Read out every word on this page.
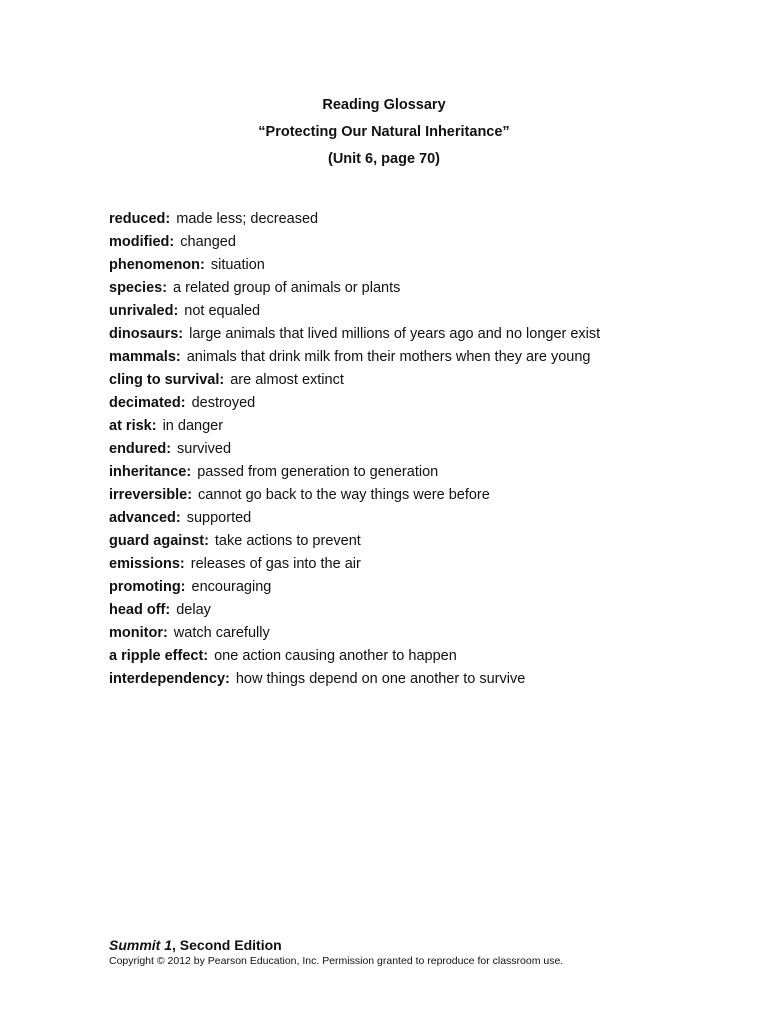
Reading Glossary
“Protecting Our Natural Inheritance”
(Unit 6, page 70)
reduced: made less; decreased
modified: changed
phenomenon: situation
species: a related group of animals or plants
unrivaled: not equaled
dinosaurs: large animals that lived millions of years ago and no longer exist
mammals: animals that drink milk from their mothers when they are young
cling to survival: are almost extinct
decimated: destroyed
at risk: in danger
endured: survived
inheritance: passed from generation to generation
irreversible: cannot go back to the way things were before
advanced: supported
guard against: take actions to prevent
emissions: releases of gas into the air
promoting: encouraging
head off: delay
monitor: watch carefully
a ripple effect: one action causing another to happen
interdependency: how things depend on one another to survive
Summit 1, Second Edition
Copyright © 2012 by Pearson Education, Inc. Permission granted to reproduce for classroom use.
